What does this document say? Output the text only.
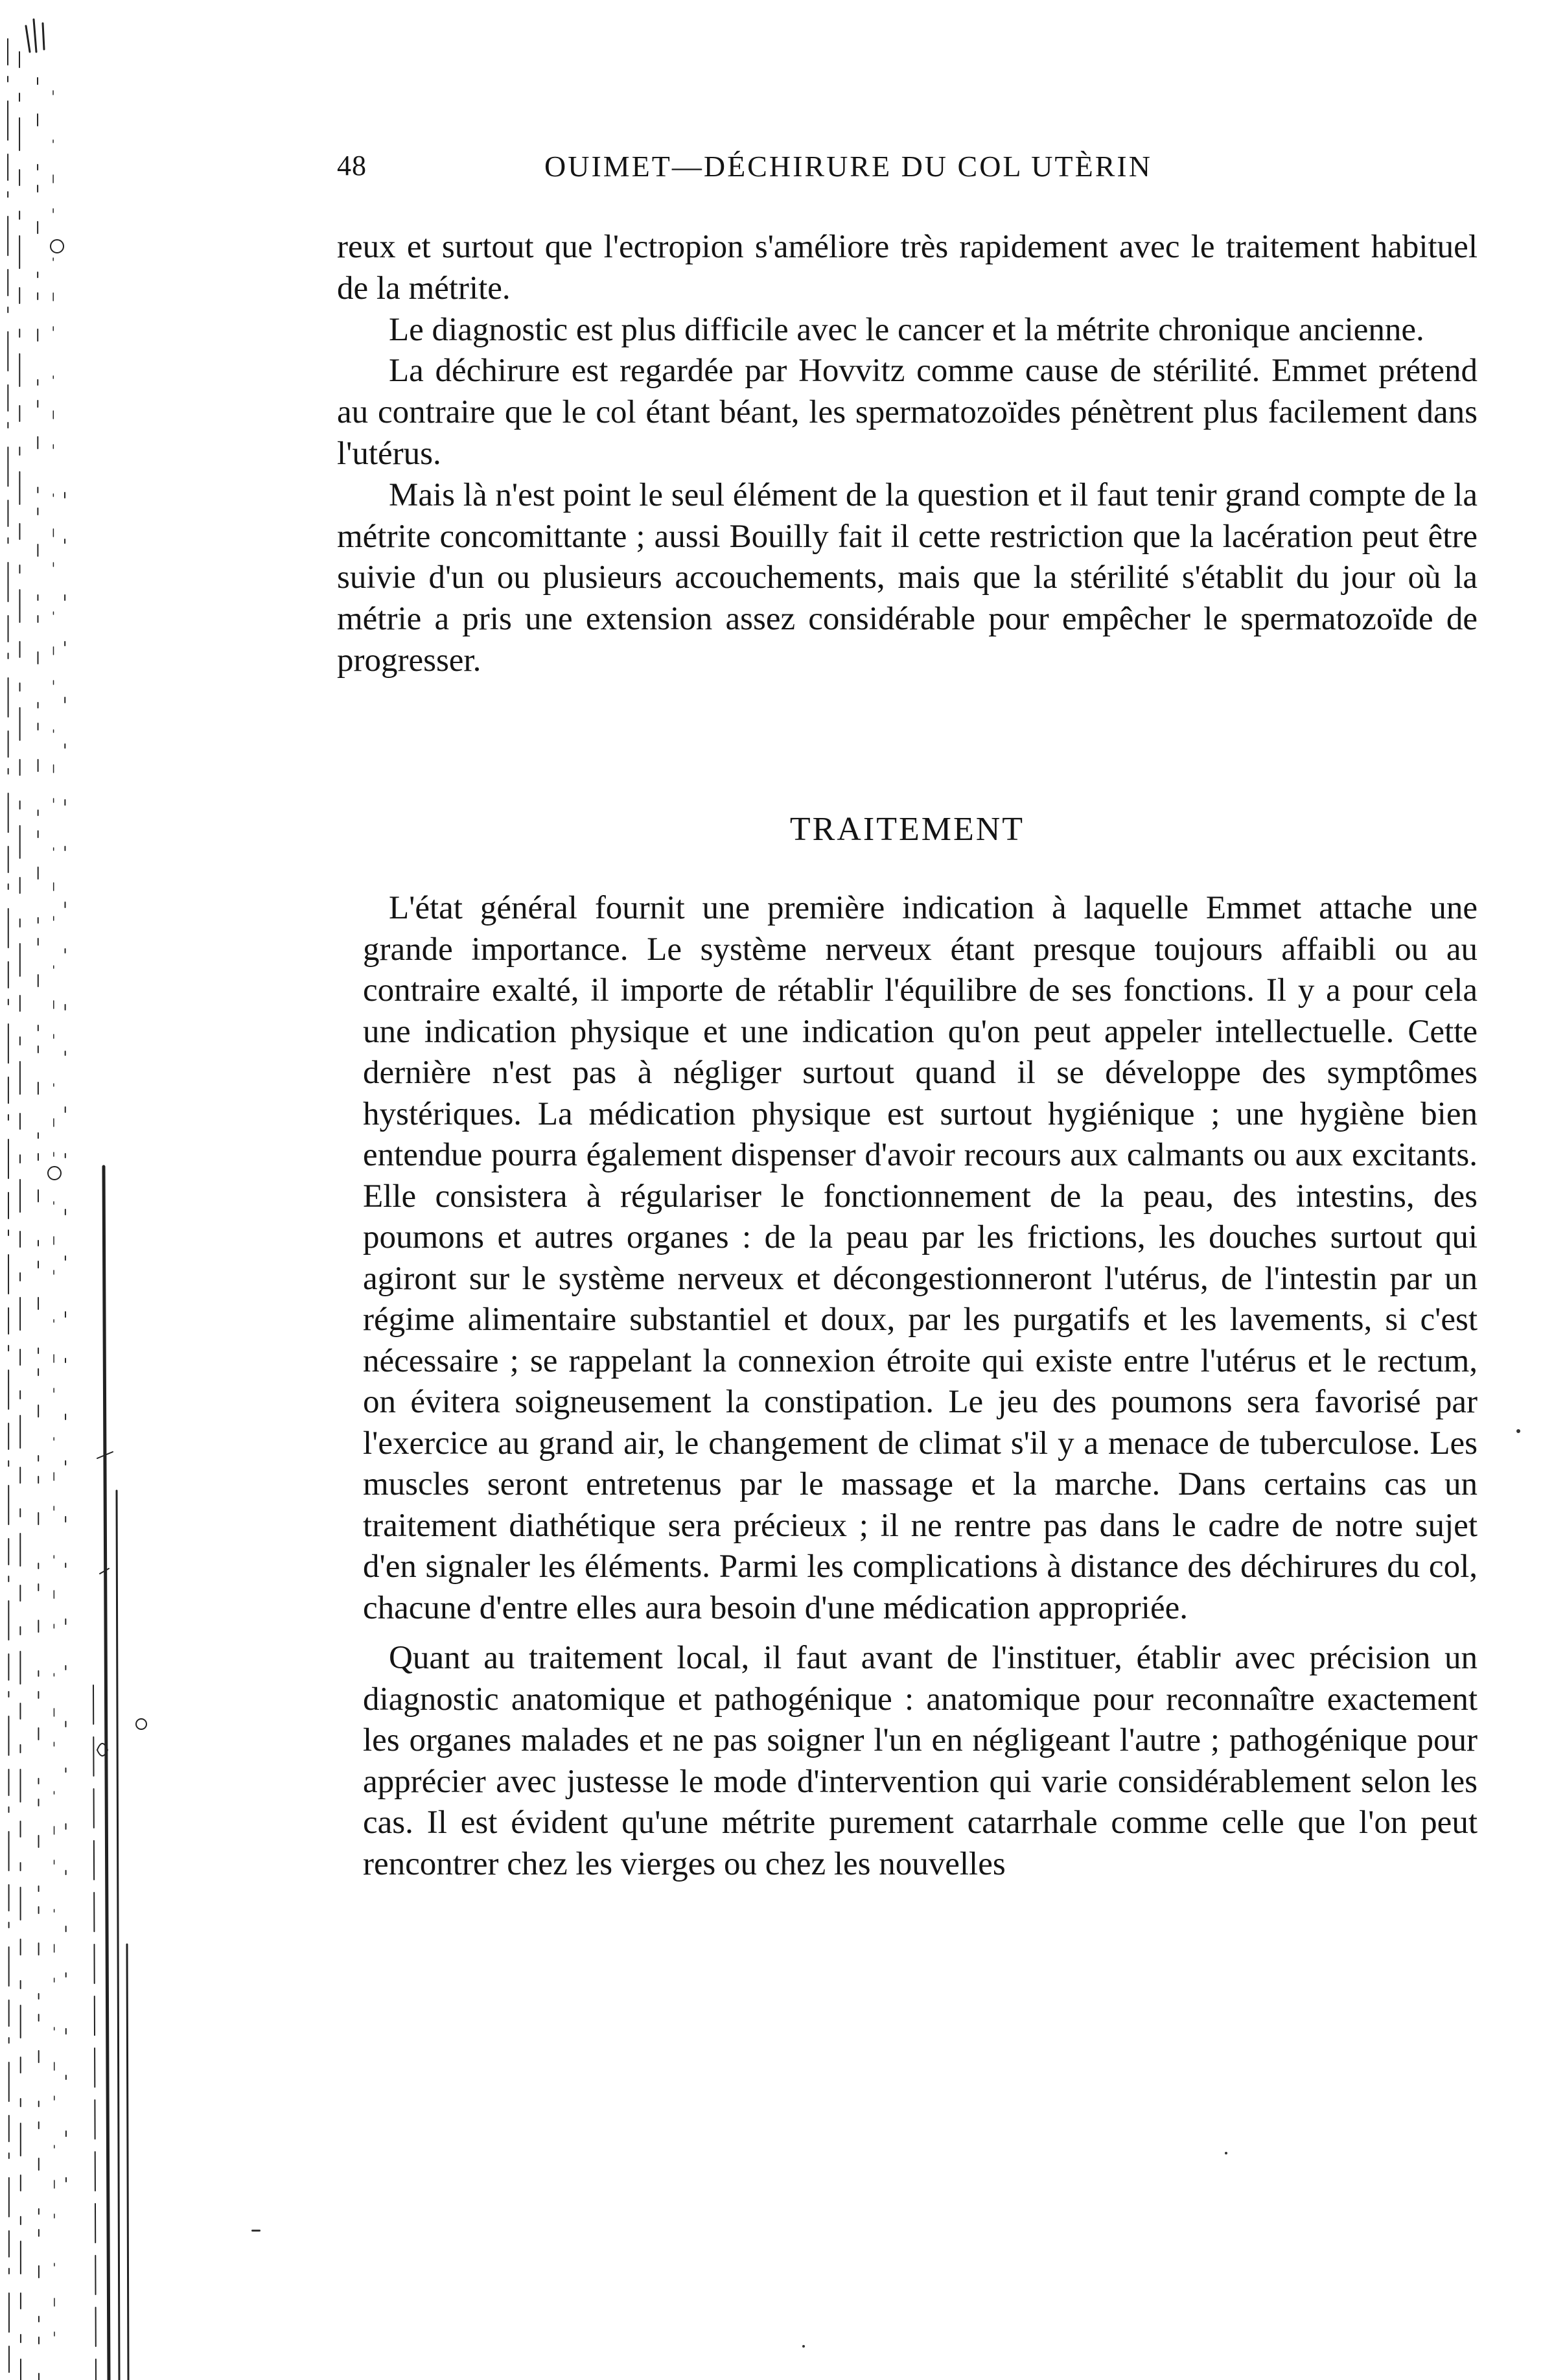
48	OUIMET—DÉCHIRURE DU COL UTÈRIN

reux et surtout que l'ectropion s'améliore très rapidement avec le traitement habituel de la métrite.

Le diagnostic est plus difficile avec le cancer et la métrite chronique ancienne.

La déchirure est regardée par Hovvitz comme cause de stérilité. Emmet prétend au contraire que le col étant béant, les spermatozoïdes pénètrent plus facilement dans l'utérus.

Mais là n'est point le seul élément de la question et il faut tenir grand compte de la métrite concomittante ; aussi Bouilly fait il cette restriction que la lacération peut être suivie d'un ou plusieurs accouchements, mais que la stérilité s'établit du jour où la métrie a pris une extension assez considérable pour empêcher le spermatozoïde de progresser.

TRAITEMENT

L'état général fournit une première indication à laquelle Emmet attache une grande importance. Le système nerveux étant presque toujours affaibli ou au contraire exalté, il importe de rétablir l'équilibre de ses fonctions. Il y a pour cela une indication physique et une indication qu'on peut appeler intellectuelle. Cette dernière n'est pas à négliger surtout quand il se développe des symptômes hystériques. La médication physique est surtout hygiénique ; une hygiène bien entendue pourra également dispenser d'avoir recours aux calmants ou aux excitants. Elle consistera à régulariser le fonctionnement de la peau, des intestins, des poumons et autres organes : de la peau par les frictions, les douches surtout qui agiront sur le système nerveux et décongestionneront l'utérus, de l'intestin par un régime alimentaire substantiel et doux, par les purgatifs et les lavements, si c'est nécessaire ; se rappelant la connexion étroite qui existe entre l'utérus et le rectum, on évitera soigneusement la constipation. Le jeu des poumons sera favorisé par l'exercice au grand air, le changement de climat s'il y a menace de tuberculose. Les muscles seront entretenus par le massage et la marche. Dans certains cas un traitement diathétique sera précieux ; il ne rentre pas dans le cadre de notre sujet d'en signaler les éléments. Parmi les complications à distance des déchirures du col, chacune d'entre elles aura besoin d'une médication appropriée.

Quant au traitement local, il faut avant de l'instituer, établir avec précision un diagnostic anatomique et pathogénique : anatomique pour reconnaître exactement les organes malades et ne pas soigner l'un en négligeant l'autre ; pathogénique pour apprécier avec justesse le mode d'intervention qui varie considérablement selon les cas. Il est évident qu'une métrite purement catarrhale comme celle que l'on peut rencontrer chez les vierges ou chez les nouvelles
